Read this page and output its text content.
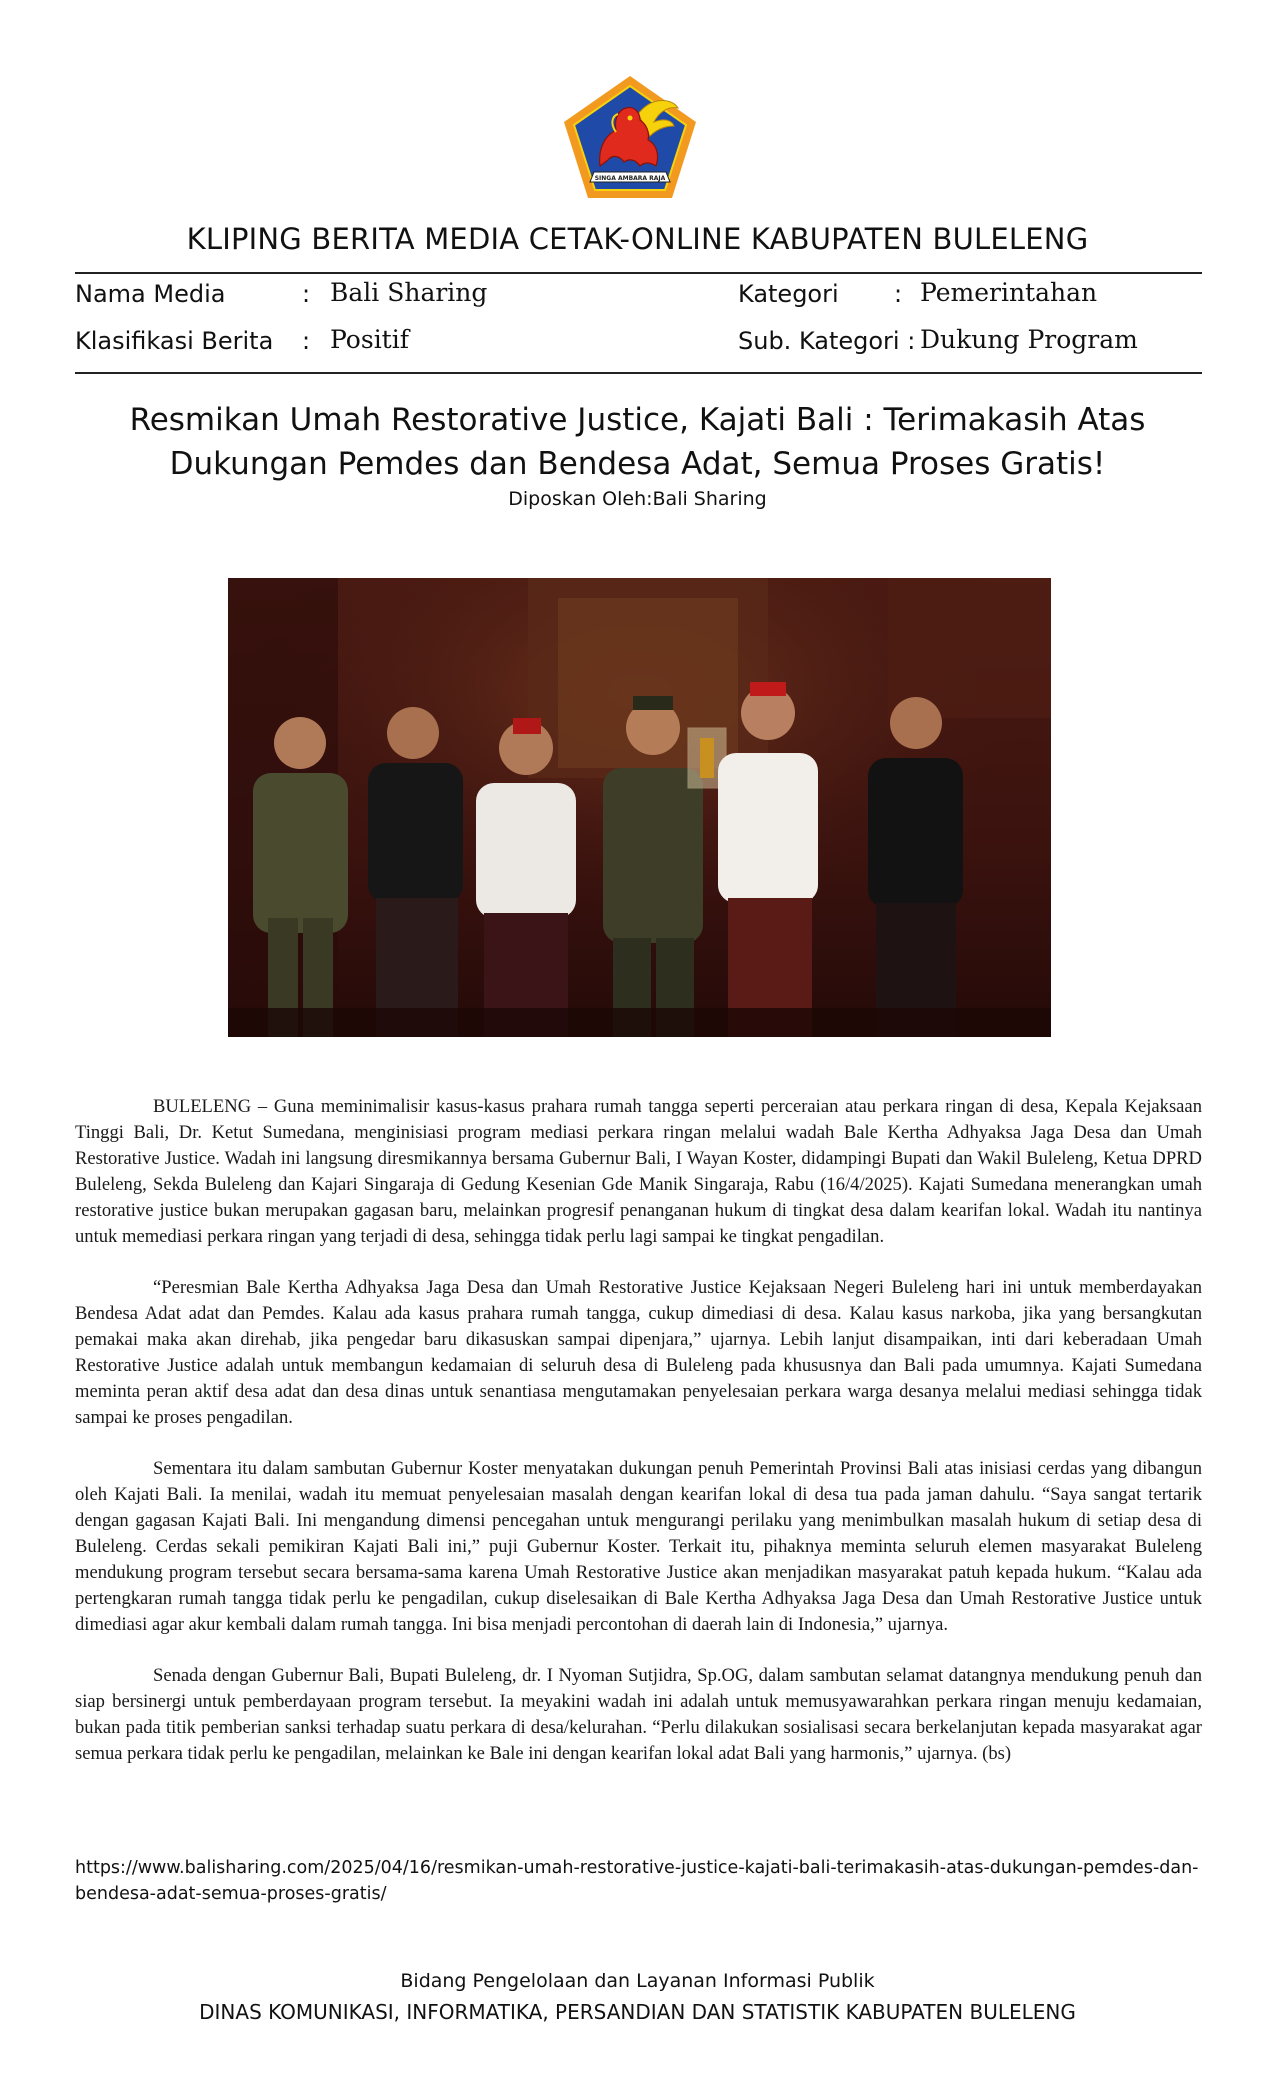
SINGA AMBARA RAJA
KLIPING BERITA MEDIA CETAK-ONLINE KABUPATEN BULELENG
Nama Media	: Bali Sharing	Kategori : Pemerintahan
Klasifikasi Berita : Positif	Sub. Kategori : Dukung Program
Resmikan Umah Restorative Justice, Kajati Bali : Terimakasih Atas
Dukungan Pemdes dan Bendesa Adat, Semua Proses Gratis!
Diposkan Oleh:Bali Sharing

BULELENG – Guna meminimalisir kasus-kasus prahara rumah tangga seperti perceraian atau perkara ringan di desa, Kepala Kejaksaan Tinggi Bali, Dr. Ketut Sumedana, menginisiasi program mediasi perkara ringan melalui wadah Bale Kertha Adhyaksa Jaga Desa dan Umah Restorative Justice. Wadah ini langsung diresmikannya bersama Gubernur Bali, I Wayan Koster, didampingi Bupati dan Wakil Buleleng, Ketua DPRD Buleleng, Sekda Buleleng dan Kajari Singaraja di Gedung Kesenian Gde Manik Singaraja, Rabu (16/4/2025). Kajati Sumedana menerangkan umah restorative justice bukan merupakan gagasan baru, melainkan progresif penanganan hukum di tingkat desa dalam kearifan lokal. Wadah itu nantinya untuk memediasi perkara ringan yang terjadi di desa, sehingga tidak perlu lagi sampai ke tingkat pengadilan.

“Peresmian Bale Kertha Adhyaksa Jaga Desa dan Umah Restorative Justice Kejaksaan Negeri Buleleng hari ini untuk memberdayakan Bendesa Adat adat dan Pemdes. Kalau ada kasus prahara rumah tangga, cukup dimediasi di desa. Kalau kasus narkoba, jika yang bersangkutan pemakai maka akan direhab, jika pengedar baru dikasuskan sampai dipenjara,” ujarnya. Lebih lanjut disampaikan, inti dari keberadaan Umah Restorative Justice adalah untuk membangun kedamaian di seluruh desa di Buleleng pada khususnya dan Bali pada umumnya. Kajati Sumedana meminta peran aktif desa adat dan desa dinas untuk senantiasa mengutamakan penyelesaian perkara warga desanya melalui mediasi sehingga tidak sampai ke proses pengadilan.

Sementara itu dalam sambutan Gubernur Koster menyatakan dukungan penuh Pemerintah Provinsi Bali atas inisiasi cerdas yang dibangun oleh Kajati Bali. Ia menilai, wadah itu memuat penyelesaian masalah dengan kearifan lokal di desa tua pada jaman dahulu. “Saya sangat tertarik dengan gagasan Kajati Bali. Ini mengandung dimensi pencegahan untuk mengurangi perilaku yang menimbulkan masalah hukum di setiap desa di Buleleng. Cerdas sekali pemikiran Kajati Bali ini,” puji Gubernur Koster. Terkait itu, pihaknya meminta seluruh elemen masyarakat Buleleng mendukung program tersebut secara bersama-sama karena Umah Restorative Justice akan menjadikan masyarakat patuh kepada hukum. “Kalau ada pertengkaran rumah tangga tidak perlu ke pengadilan, cukup diselesaikan di Bale Kertha Adhyaksa Jaga Desa dan Umah Restorative Justice untuk dimediasi agar akur kembali dalam rumah tangga. Ini bisa menjadi percontohan di daerah lain di Indonesia,” ujarnya.

Senada dengan Gubernur Bali, Bupati Buleleng, dr. I Nyoman Sutjidra, Sp.OG, dalam sambutan selamat datangnya mendukung penuh dan siap bersinergi untuk pemberdayaan program tersebut. Ia meyakini wadah ini adalah untuk memusyawarahkan perkara ringan menuju kedamaian, bukan pada titik pemberian sanksi terhadap suatu perkara di desa/kelurahan. “Perlu dilakukan sosialisasi secara berkelanjutan kepada masyarakat agar semua perkara tidak perlu ke pengadilan, melainkan ke Bale ini dengan kearifan lokal adat Bali yang harmonis,” ujarnya. (bs)

https://www.balisharing.com/2025/04/16/resmikan-umah-restorative-justice-kajati-bali-terimakasih-atas-dukungan-pemdes-dan-bendesa-adat-semua-proses-gratis/
Bidang Pengelolaan dan Layanan Informasi Publik
DINAS KOMUNIKASI, INFORMATIKA, PERSANDIAN DAN STATISTIK KABUPATEN BULELENG
